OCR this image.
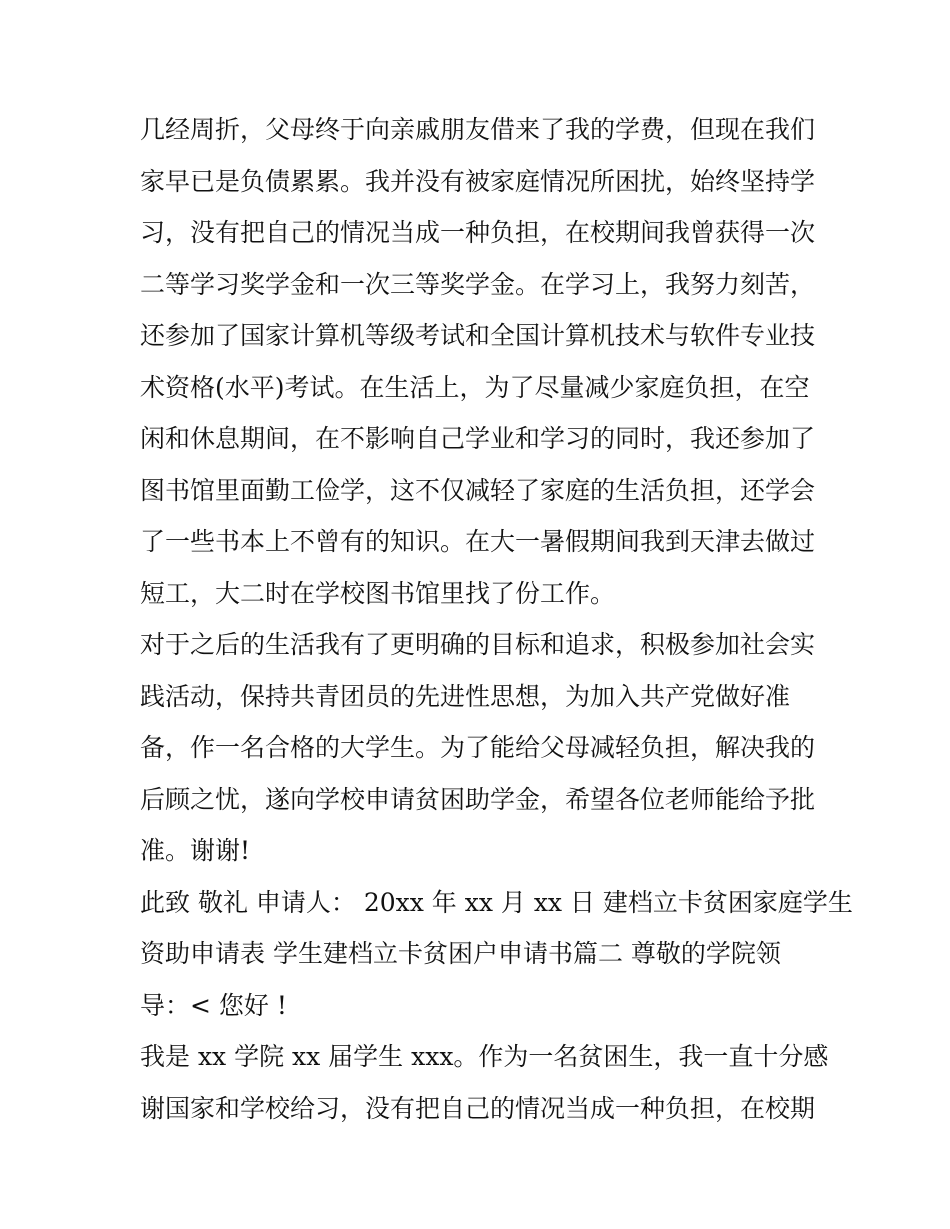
几经周折，父母终于向亲戚朋友借来了我的学费，但现在我们
家早已是负债累累。我并没有被家庭情况所困扰，始终坚持学
习，没有把自己的情况当成一种负担，在校期间我曾获得一次
二等学习奖学金和一次三等奖学金。在学习上，我努力刻苦，
还参加了国家计算机等级考试和全国计算机技术与软件专业技
术资格(水平)考试。在生活上，为了尽量减少家庭负担，在空
闲和休息期间，在不影响自己学业和学习的同时，我还参加了
图书馆里面勤工俭学，这不仅减轻了家庭的生活负担，还学会
了一些书本上不曾有的知识。在大一暑假期间我到天津去做过
短工，大二时在学校图书馆里找了份工作。
对于之后的生活我有了更明确的目标和追求，积极参加社会实
践活动，保持共青团员的先进性思想，为加入共产党做好准
备，作一名合格的大学生。为了能给父母减轻负担，解决我的
后顾之忧，遂向学校申请贫困助学金，希望各位老师能给予批
准。谢谢!
此致 敬礼 申请人： 20xx 年 xx 月 xx 日 建档立卡贫困家庭学生
资助申请表 学生建档立卡贫困户申请书篇二 尊敬的学院领
导：< 您好 !
我是 xx 学院 xx 届学生 xxx。作为一名贫困生，我一直十分感
谢国家和学校给习，没有把自己的情况当成一种负担，在校期
